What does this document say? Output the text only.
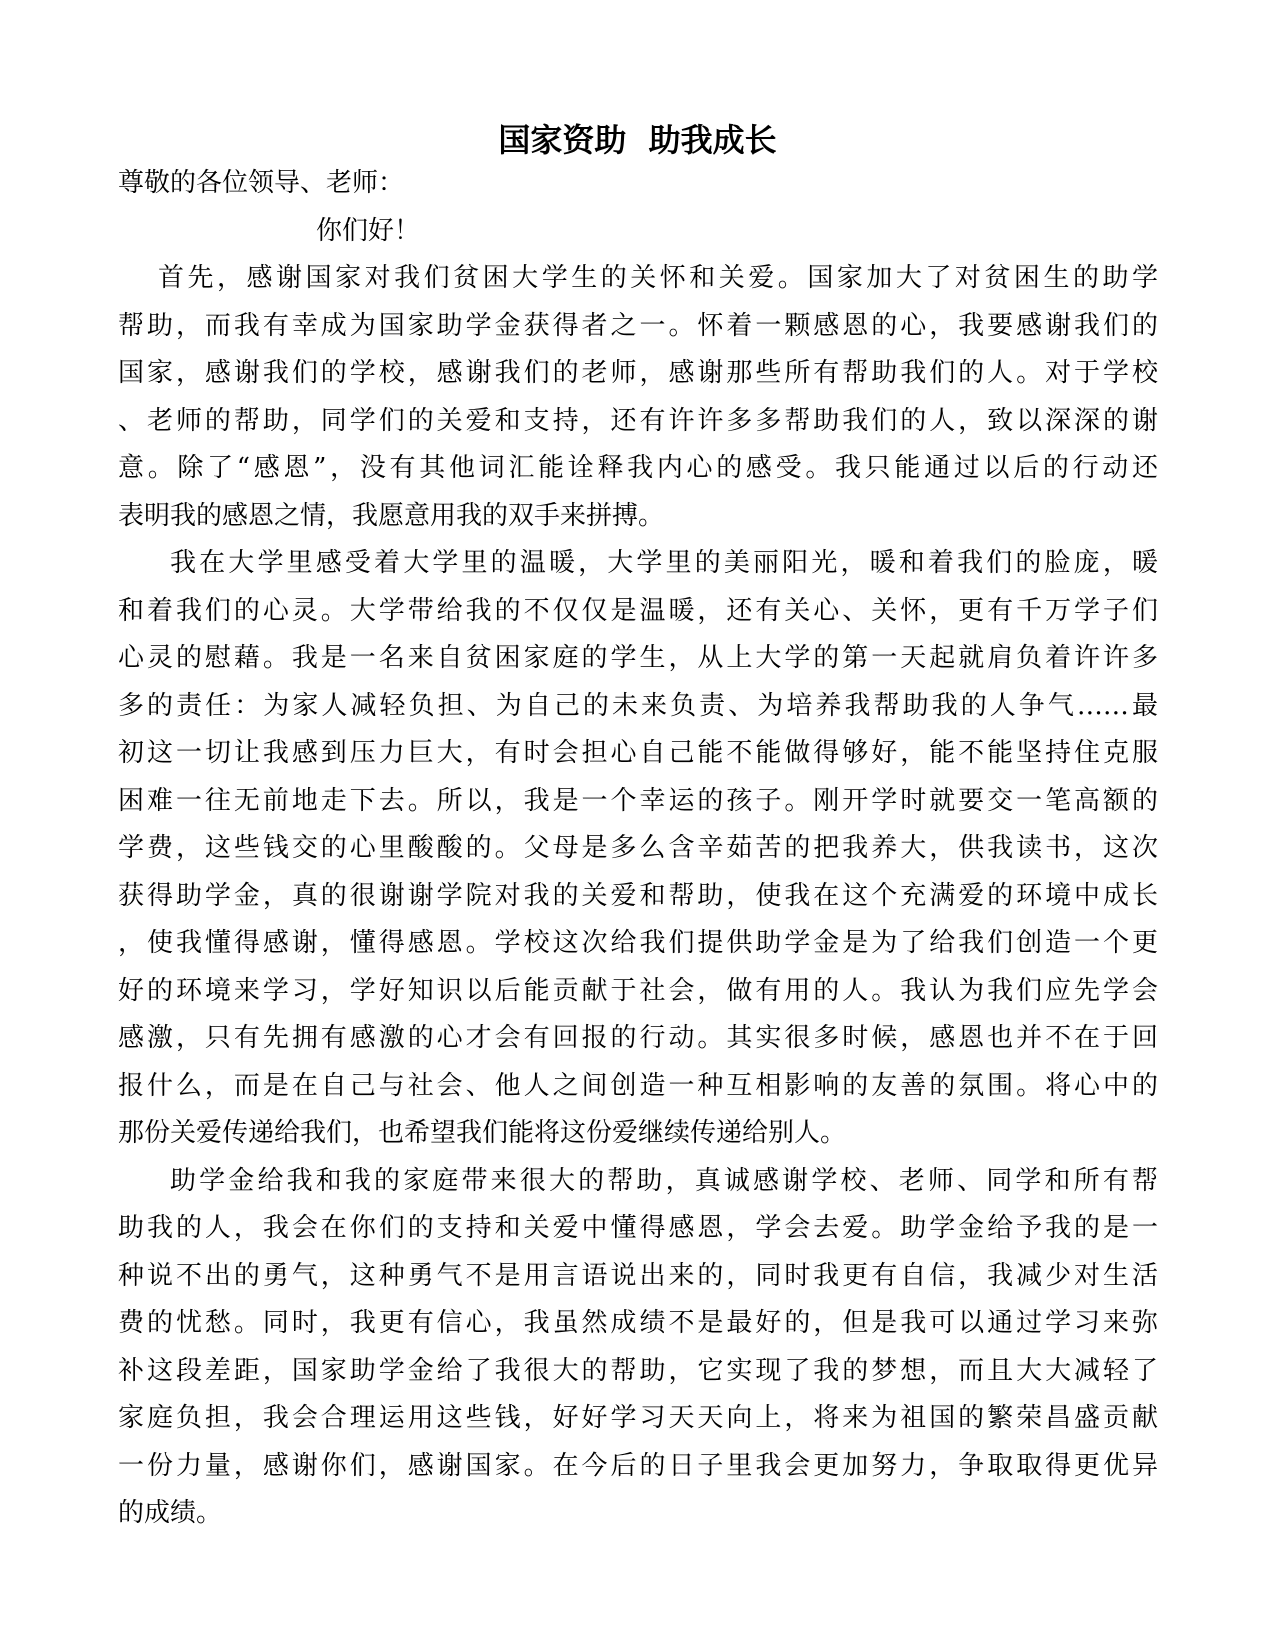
国家资助  助我成长
尊敬的各位领导、老师：
你们好！
首先，感谢国家对我们贫困大学生的关怀和关爱。国家加大了对贫困生的助学
帮助，而我有幸成为国家助学金获得者之一。怀着一颗感恩的心，我要感谢我们的
国家，感谢我们的学校，感谢我们的老师，感谢那些所有帮助我们的人。对于学校
、老师的帮助，同学们的关爱和支持，还有许许多多帮助我们的人，致以深深的谢
意。除了“感恩”，没有其他词汇能诠释我内心的感受。我只能通过以后的行动还
表明我的感恩之情，我愿意用我的双手来拼搏。
我在大学里感受着大学里的温暖，大学里的美丽阳光，暖和着我们的脸庞，暖
和着我们的心灵。大学带给我的不仅仅是温暖，还有关心、关怀，更有千万学子们
心灵的慰藉。我是一名来自贫困家庭的学生，从上大学的第一天起就肩负着许许多
多的责任：为家人减轻负担、为自己的未来负责、为培养我帮助我的人争气……最
初这一切让我感到压力巨大，有时会担心自己能不能做得够好，能不能坚持住克服
困难一往无前地走下去。所以，我是一个幸运的孩子。刚开学时就要交一笔高额的
学费，这些钱交的心里酸酸的。父母是多么含辛茹苦的把我养大，供我读书，这次
获得助学金，真的很谢谢学院对我的关爱和帮助，使我在这个充满爱的环境中成长
，使我懂得感谢，懂得感恩。学校这次给我们提供助学金是为了给我们创造一个更
好的环境来学习，学好知识以后能贡献于社会，做有用的人。我认为我们应先学会
感激，只有先拥有感激的心才会有回报的行动。其实很多时候，感恩也并不在于回
报什么，而是在自己与社会、他人之间创造一种互相影响的友善的氛围。将心中的
那份关爱传递给我们，也希望我们能将这份爱继续传递给别人。
助学金给我和我的家庭带来很大的帮助，真诚感谢学校、老师、同学和所有帮
助我的人，我会在你们的支持和关爱中懂得感恩，学会去爱。助学金给予我的是一
种说不出的勇气，这种勇气不是用言语说出来的，同时我更有自信，我减少对生活
费的忧愁。同时，我更有信心，我虽然成绩不是最好的，但是我可以通过学习来弥
补这段差距，国家助学金给了我很大的帮助，它实现了我的梦想，而且大大减轻了
家庭负担，我会合理运用这些钱，好好学习天天向上，将来为祖国的繁荣昌盛贡献
一份力量，感谢你们，感谢国家。在今后的日子里我会更加努力，争取取得更优异
的成绩。
